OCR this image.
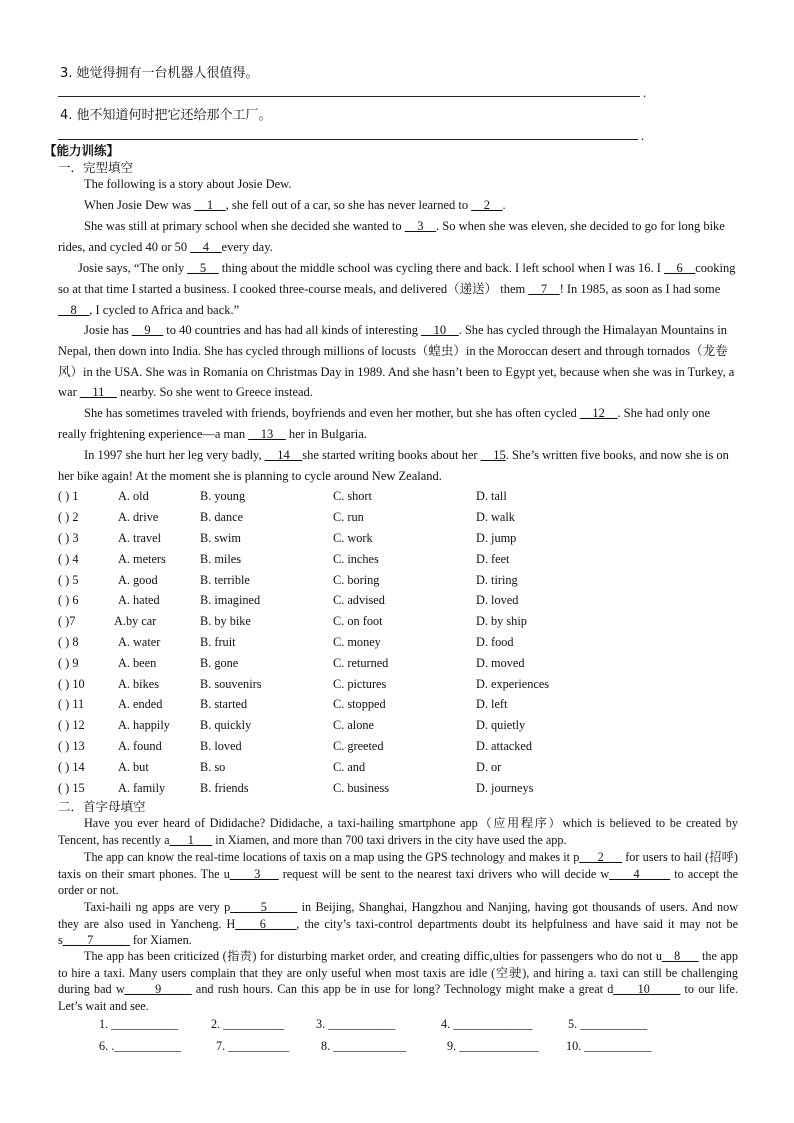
3. 她觉得拥有一台机器人很值得。
.
4. 他不知道何时把它还给那个工厂。
.
【能力训练】
一．完型填空
The following is a story about Josie Dew.
When Josie Dew was __1__, she fell out of a car, so she has never learned to __2__.
She was still at primary school when she decided she wanted to __3__. So when she was eleven, she decided to go for long bike rides, and cycled 40 or 50 __4__every day.
Josie says, “The only __5__ thing about the middle school was cycling there and back. I left school when I was 16. I __6__cooking so at that time I started a business. I cooked three-course meals, and delivered（递送） them __7__! In 1985, as soon as I had some __8__, I cycled to Africa and back.”
Josie has __9__ to 40 countries and has had all kinds of interesting __10__. She has cycled through the Himalayan Mountains in Nepal, then down into India. She has cycled through millions of locusts（蝗虫）in the Moroccan desert and through tornados（龙卷风）in the USA. She was in Romania on Christmas Day in 1989. And she hasn’t been to Egypt yet, because when she was in Turkey, a war __11__ nearby. So she went to Greece instead.
She has sometimes traveled with friends, boyfriends and even her mother, but she has often cycled __12__. She had only one really frightening experience—a man __13__ her in Bulgaria.
In 1997 she hurt her leg very badly, __14__she started writing books about her __15. She’s written five books, and now she is on her bike again! At the moment she is planning to cycle around New Zealand.
( ) 1	A. old	B. young	C. short	D. tall
( ) 2	A. drive	B. dance	C. run	D. walk
( ) 3	A. travel	B. swim	C. work	D. jump
( ) 4	A. meters	B. miles	C. inches	D. feet
( ) 5	A. good	B. terrible	C. boring	D. tiring
( ) 6	A. hated	B. imagined	C. advised	D. loved
( )7	A.by car	B. by bike	C. on foot	D. by ship
( ) 8	A. water	B. fruit	C. money	D. food
( ) 9	A. been	B. gone	C. returned	D. moved
( ) 10	A. bikes	B. souvenirs	C. pictures	D. experiences
( ) 11	A. ended	B. started	C. stopped	D. left
( ) 12	A. happily B. quickly	C. alone	D. quietly
( ) 13	A. found	B. loved	C. greeted	D. attacked
( ) 14	A. but	B. so	C. and	D. or
( ) 15	A. family	B. friends	C. business	D. journeys
二．首字母填空
Have you ever heard of Dididache? Dididache, a taxi-hailing smartphone app（应用程序）which is believed to be created by Tencent, has recently a___1___ in Xiamen, and more than 700 taxi drivers in the city have used the app.
The app can know the real-time locations of taxis on a map using the GPS technology and makes it p___2___ for users to hail (招呼) taxis on their smart phones. The u____3___ request will be sent to the nearest taxi drivers who will decide w____4_____ to accept the order or not.
Taxi-haili ng apps are very p_____5_____ in Beijing, Shanghai, Hangzhou and Nanjing, having got thousands of users. And now they are also used in Yancheng. H____6_____, the city’s taxi-control departments doubt its helpfulness and have said it may not be s____7______ for Xiamen.
The app has been criticized (指责) for disturbing market order, and creating diffic,ulties for passengers who do not u__8___ the app to hire a taxi. Many users complain that they are only useful when most taxis are idle (空驶), and hiring a. taxi can still be challenging during bad w_____9_____ and rush hours. Can this app be in use for long? Technology might make a great d____10_____ to our life. Let’s wait and see.
1. ___________	2. __________	3. ___________	4. _____________	5. ___________
6. .___________	7. __________	8. ____________	9. _____________ 10. ___________
